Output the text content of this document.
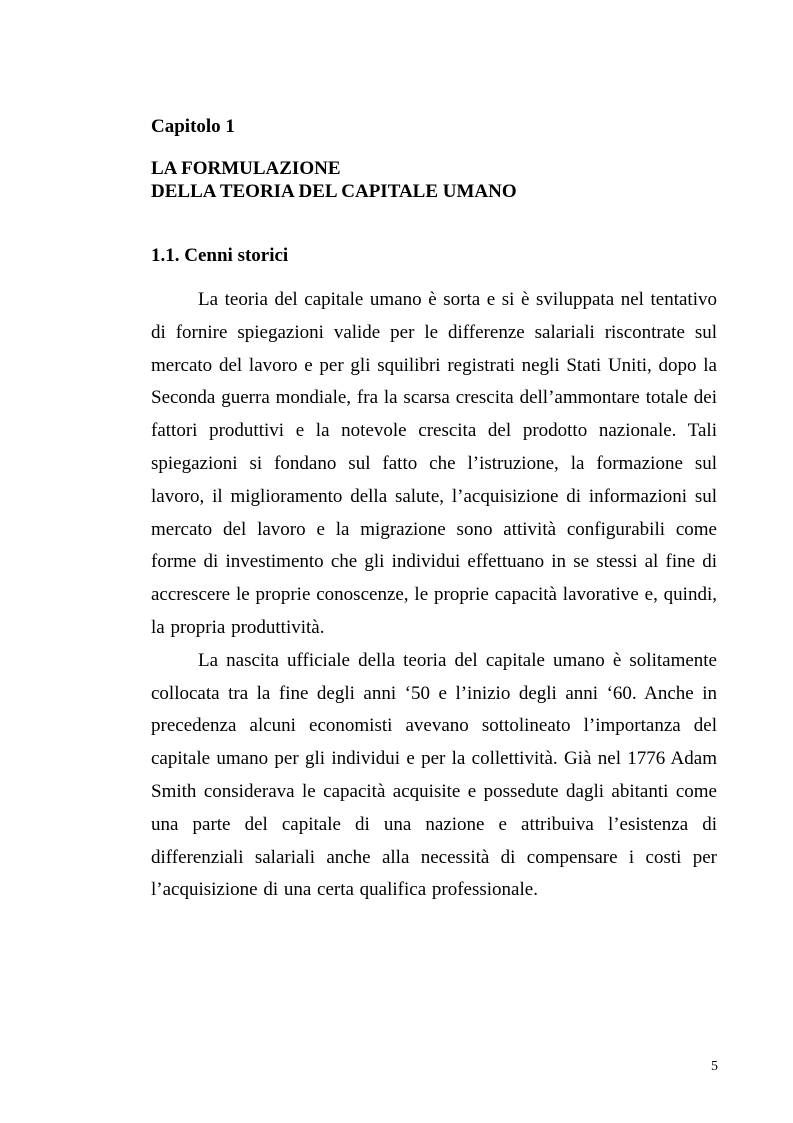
Capitolo 1
LA FORMULAZIONE
DELLA TEORIA DEL CAPITALE UMANO
1.1. Cenni storici

La teoria del capitale umano è sorta e si è sviluppata nel tentativo di fornire spiegazioni valide per le differenze salariali riscontrate sul mercato del lavoro e per gli squilibri registrati negli Stati Uniti, dopo la Seconda guerra mondiale, fra la scarsa crescita dell’ammontare totale dei fattori produttivi e la notevole crescita del prodotto nazionale. Tali spiegazioni si fondano sul fatto che l’istruzione, la formazione sul lavoro, il miglioramento della salute, l’acquisizione di informazioni sul mercato del lavoro e la migrazione sono attività configurabili come forme di investimento che gli individui effettuano in se stessi al fine di accrescere le proprie conoscenze, le proprie capacità lavorative e, quindi, la propria produttività.

La nascita ufficiale della teoria del capitale umano è solitamente collocata tra la fine degli anni ‘50 e l’inizio degli anni ‘60. Anche in precedenza alcuni economisti avevano sottolineato l’importanza del capitale umano per gli individui e per la collettività. Già nel 1776 Adam Smith considerava le capacità acquisite e possedute dagli abitanti come una parte del capitale di una nazione e attribuiva l’esistenza di differenziali salariali anche alla necessità di compensare i costi per l’acquisizione di una certa qualifica professionale.

5
